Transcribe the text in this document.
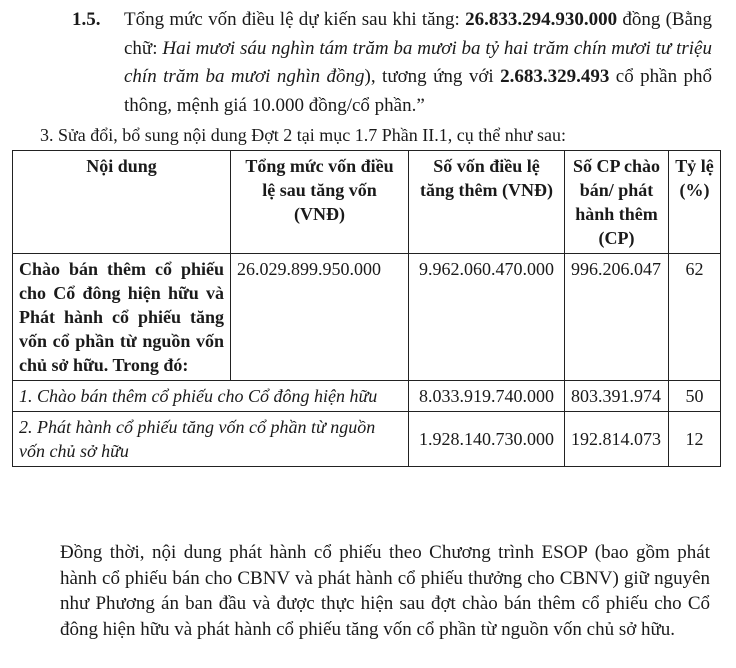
1.5. Tổng mức vốn điều lệ dự kiến sau khi tăng: 26.833.294.930.000 đồng (Bằng chữ: Hai mươi sáu nghìn tám trăm ba mươi ba tỷ hai trăm chín mươi tư triệu chín trăm ba mươi nghìn đồng), tương ứng với 2.683.329.493 cổ phần phổ thông, mệnh giá 10.000 đồng/cổ phần.”
3. Sửa đổi, bổ sung nội dung Đợt 2 tại mục 1.7 Phần II.1, cụ thể như sau:
Nội dung	Tổng mức vốn điều lệ sau tăng vốn (VNĐ)	Số vốn điều lệ tăng thêm (VNĐ)	Số CP chào bán/ phát hành thêm (CP)	Tỷ lệ (%)
Chào bán thêm cổ phiếu cho Cổ đông hiện hữu và Phát hành cổ phiếu tăng vốn cổ phần từ nguồn vốn chủ sở hữu. Trong đó:	26.029.899.950.000	9.962.060.470.000	996.206.047	62
1. Chào bán thêm cổ phiếu cho Cổ đông hiện hữu		8.033.919.740.000	803.391.974	50
2. Phát hành cổ phiếu tăng vốn cổ phần từ nguồn vốn chủ sở hữu		1.928.140.730.000	192.814.073	12
Đồng thời, nội dung phát hành cổ phiếu theo Chương trình ESOP (bao gồm phát hành cổ phiếu bán cho CBNV và phát hành cổ phiếu thưởng cho CBNV) giữ nguyên như Phương án ban đầu và được thực hiện sau đợt chào bán thêm cổ phiếu cho Cổ đông hiện hữu và phát hành cổ phiếu tăng vốn cổ phần từ nguồn vốn chủ sở hữu.
